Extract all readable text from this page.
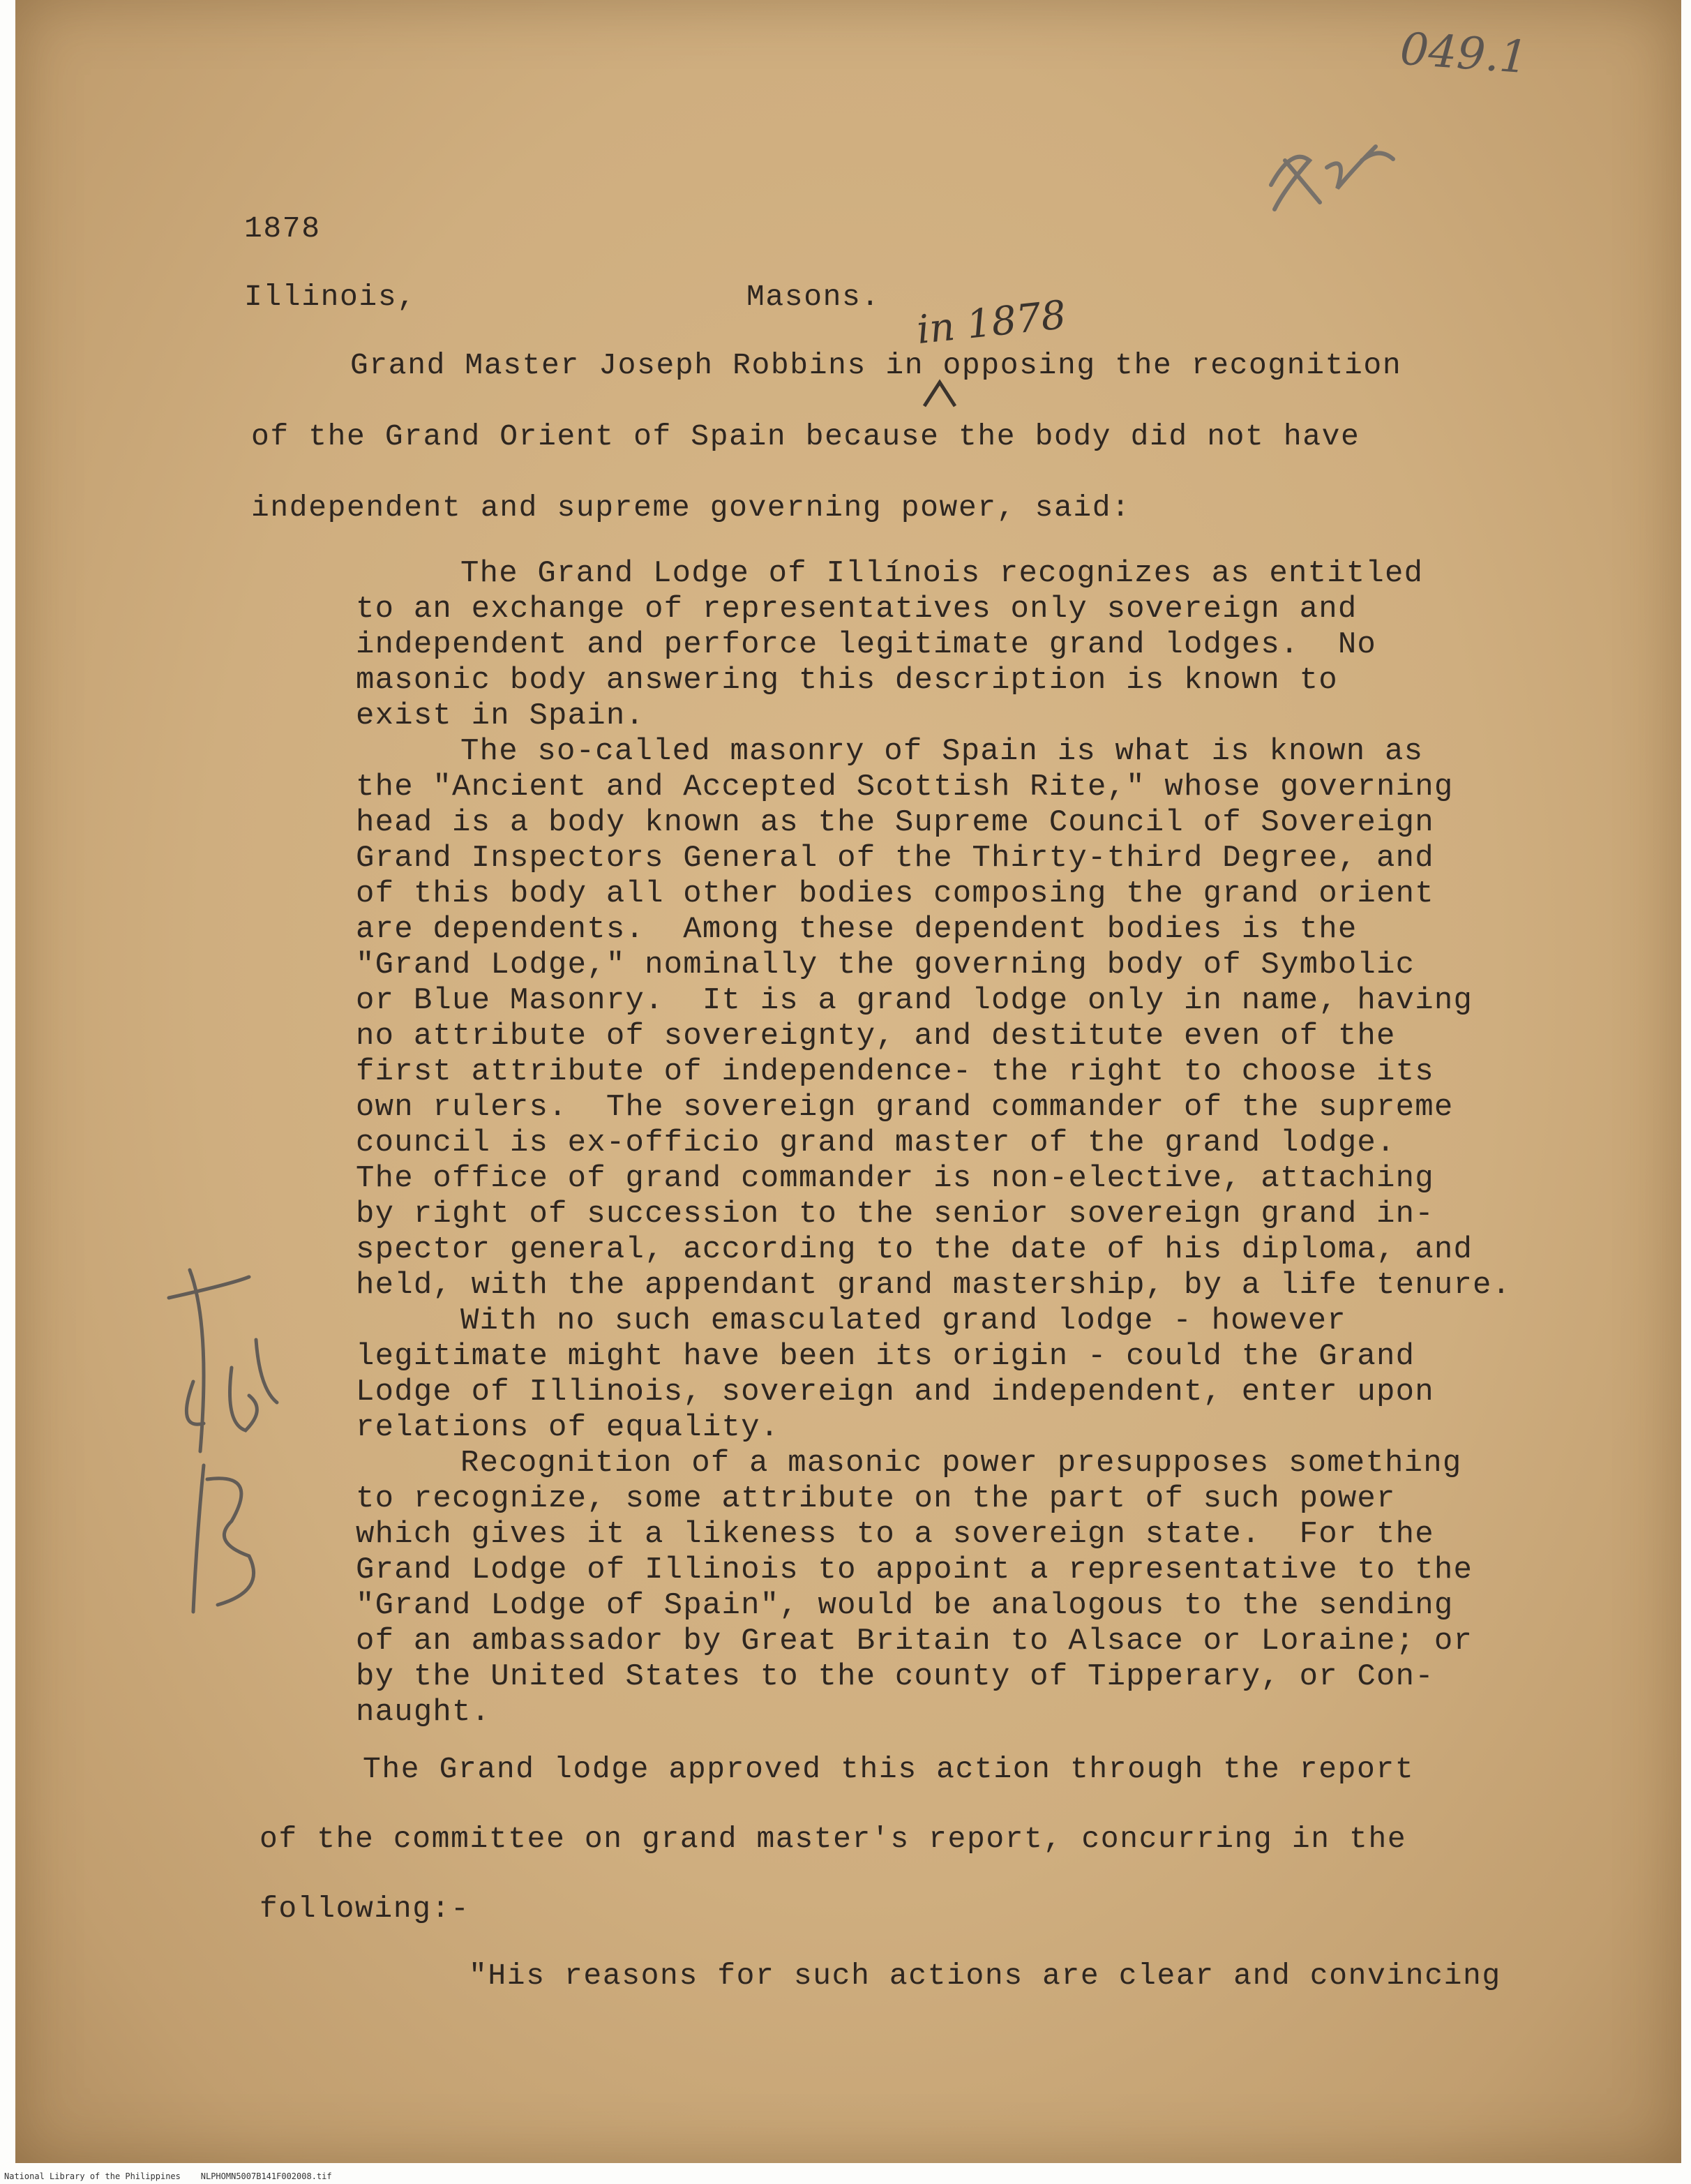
049.1
in 1878
1878
Illinois,	Masons.
Grand Master Joseph Robbins in opposing the recognition
of the Grand Orient of Spain because the body did not have
independent and supreme governing power, said:
The Grand Lodge of Illínois recognizes as entitled
to an exchange of representatives only sovereign and
independent and perforce legitimate grand lodges.  No
masonic body answering this description is known to
exist in Spain.
The so-called masonry of Spain is what is known as
the "Ancient and Accepted Scottish Rite," whose governing
head is a body known as the Supreme Council of Sovereign
Grand Inspectors General of the Thirty-third Degree, and
of this body all other bodies composing the grand orient
are dependents.  Among these dependent bodies is the
"Grand Lodge," nominally the governing body of Symbolic
or Blue Masonry.  It is a grand lodge only in name, having
no attribute of sovereignty, and destitute even of the
first attribute of independence- the right to choose its
own rulers.  The sovereign grand commander of the supreme
council is ex-officio grand master of the grand lodge.
The office of grand commander is non-elective, attaching
by right of succession to the senior sovereign grand in-
spector general, according to the date of his diploma, and
held, with the appendant grand mastership, by a life tenure.
With no such emasculated grand lodge - however
legitimate might have been its origin - could the Grand
Lodge of Illinois, sovereign and independent, enter upon
relations of equality.
Recognition of a masonic power presupposes something
to recognize, some attribute on the part of such power
which gives it a likeness to a sovereign state.  For the
Grand Lodge of Illinois to appoint a representative to the
"Grand Lodge of Spain", would be analogous to the sending
of an ambassador by Great Britain to Alsace or Loraine; or
by the United States to the county of Tipperary, or Con-
naught.
The Grand lodge approved this action through the report
of the committee on grand master's report, concurring in the
following:-
"His reasons for such actions are clear and convincing
National Library of the Philippines    NLPHOMN5007B141F002008.tif
